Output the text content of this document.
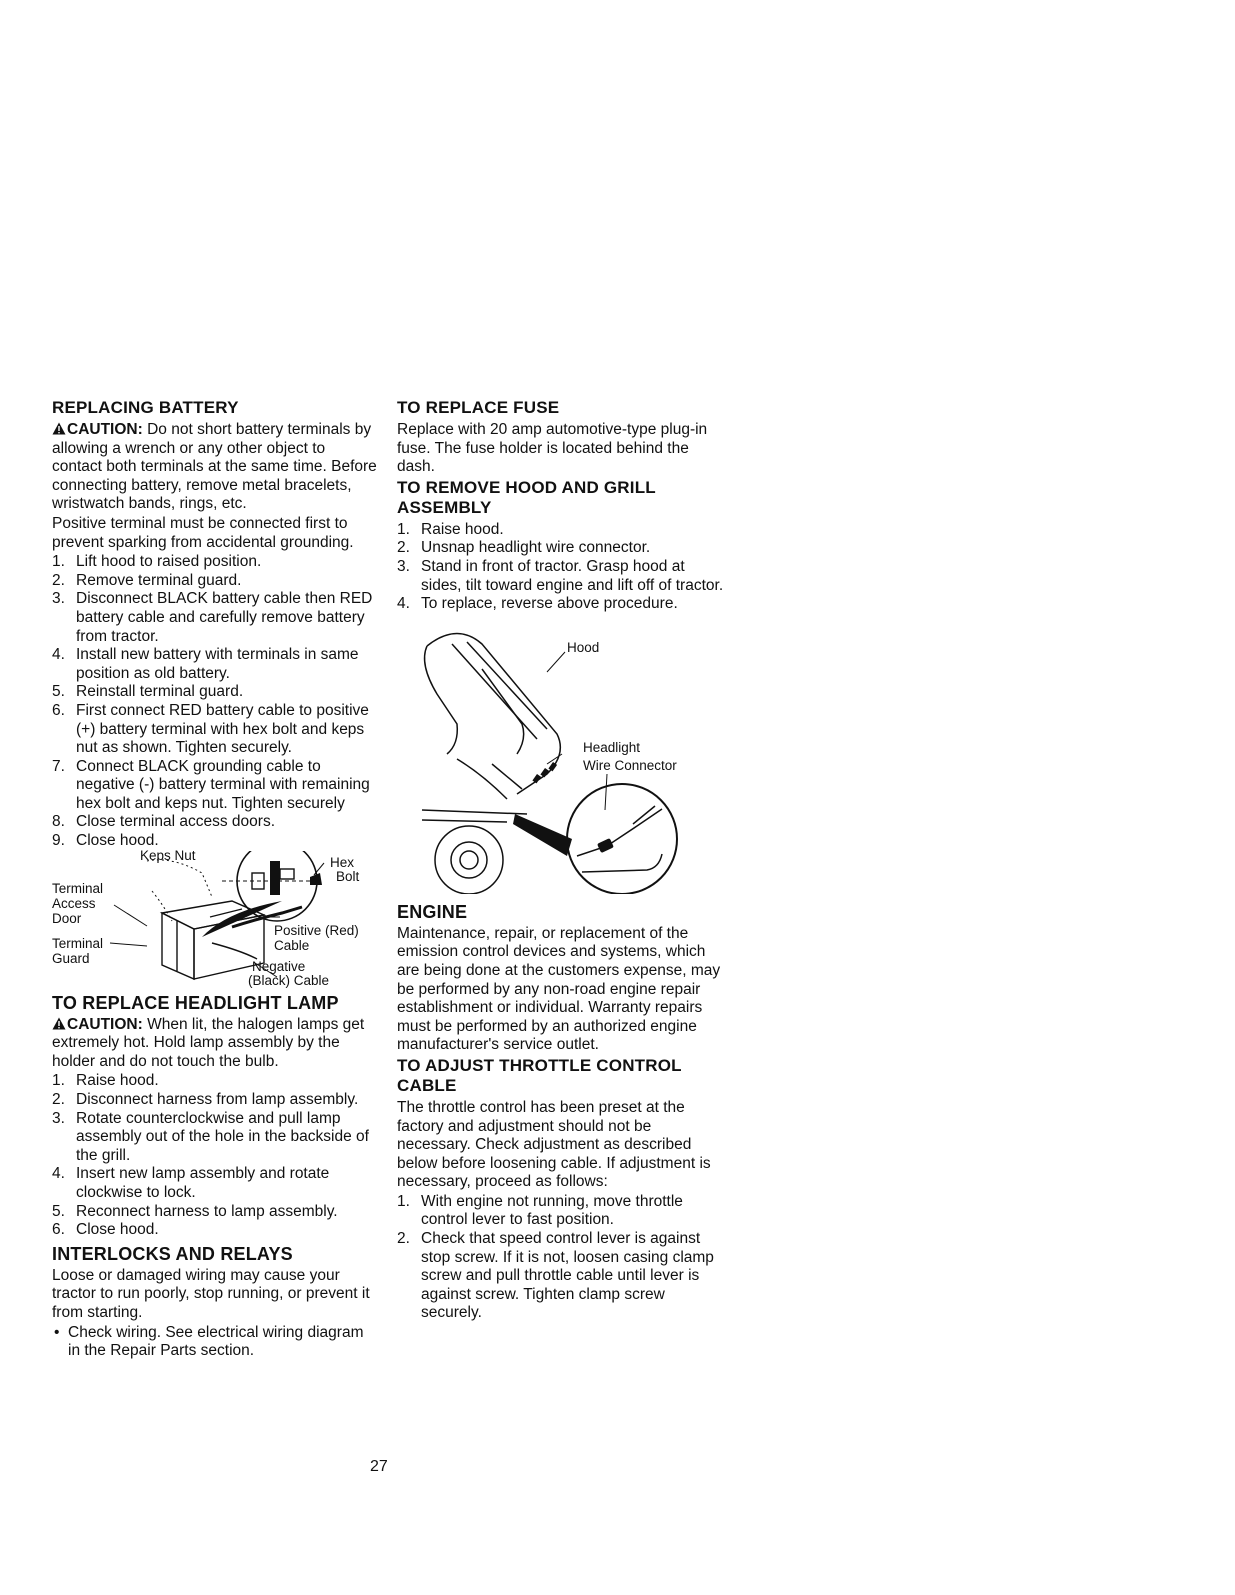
REPLACING BATTERY

CAUTION: Do not short battery terminals by allowing a wrench or any other object to contact both terminals at the same time. Before connecting battery, remove metal bracelets, wristwatch bands, rings, etc.

Positive terminal must be connected first to prevent sparking from accidental grounding.

1. Lift hood to raised position.
2. Remove terminal guard.
3. Disconnect BLACK battery cable then RED battery cable and carefully remove battery from tractor.
4. Install new battery with terminals in same position as old battery.
5. Reinstall terminal guard.
6. First connect RED battery cable to positive (+) battery terminal with hex bolt and keps nut as shown. Tighten securely.
7. Connect BLACK grounding cable to negative (-) battery terminal with remaining hex bolt and keps nut. Tighten securely
8. Close terminal access doors.
9. Close hood.
Keps Nut	Hex
Bolt
Terminal
Access
Door
Terminal
Guard
Positive (Red)
Cable
Negative
(Black) Cable
TO REPLACE HEADLIGHT LAMP

CAUTION: When lit, the halogen lamps get extremely hot. Hold lamp assembly by the holder and do not touch the bulb.

1. Raise hood.
2. Disconnect harness from lamp assembly.
3. Rotate counterclockwise and pull lamp assembly out of the hole in the backside of the grill.
4. Insert new lamp assembly and rotate clockwise to lock.
5. Reconnect harness to lamp assembly.
6. Close hood.
INTERLOCKS AND RELAYS

Loose or damaged wiring may cause your tractor to run poorly, stop running, or prevent it from starting.

• Check wiring. See electrical wiring diagram in the Repair Parts section.
TO REPLACE FUSE

Replace with 20 amp automotive-type plug-in fuse. The fuse holder is located behind the dash.

TO REMOVE HOOD AND GRILL
ASSEMBLY
1. Raise hood.
2. Unsnap headlight wire connector.
3. Stand in front of tractor. Grasp hood at sides, tilt toward engine and lift off of tractor.
4. To replace, reverse above procedure.
Hood
Headlight
Wire Connector
ENGINE

Maintenance, repair, or replacement of the emission control devices and systems, which are being done at the customers expense, may be performed by any non-road engine repair establishment or individual. Warranty repairs must be performed by an authorized engine manufacturer's service outlet.

TO ADJUST THROTTLE CONTROL
CABLE

The throttle control has been preset at the factory and adjustment should not be necessary. Check adjustment as described below before loosening cable. If adjustment is necessary, proceed as follows:

1. With engine not running, move throttle control lever to fast position.
2. Check that speed control lever is against stop screw. If it is not, loosen casing clamp screw and pull throttle cable until lever is against screw. Tighten clamp screw securely.
27
